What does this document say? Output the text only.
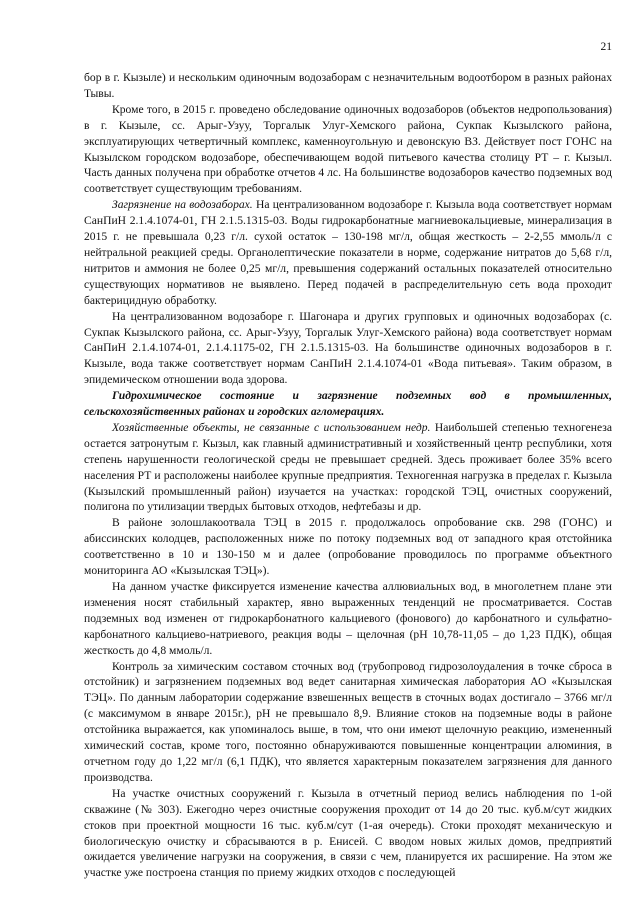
21

бор в г. Кызыле) и нескольким одиночным водозаборам с незначительным водоотбором в разных районах Тывы.

Кроме того, в 2015 г. проведено обследование одиночных водозаборов (объектов недропользования) в г. Кызыле, сс. Арыг-Узуу, Торгалык Улуг-Хемского района, Сукпак Кызылского района, эксплуатирующих четвертичный комплекс, каменноугольную и девонскую ВЗ. Действует пост ГОНС на Кызылском городском водозаборе, обеспечивающем водой питьевого качества столицу РТ – г. Кызыл. Часть данных получена при обработке отчетов 4 лс. На большинстве водозаборов качество подземных вод соответствует существующим требованиям.

Загрязнение на водозаборах. На централизованном водозаборе г. Кызыла вода соответствует нормам СанПиН 2.1.4.1074-01, ГН 2.1.5.1315-03. Воды гидрокарбонатные магниевокальциевые, минерализация в 2015 г. не превышала 0,23 г/л. сухой остаток – 130-198 мг/л, общая жесткость – 2-2,55 ммоль/л с нейтральной реакцией среды. Органолептические показатели в норме, содержание нитратов до 5,68 г/л, нитритов и аммония не более 0,25 мг/л, превышения содержаний остальных показателей относительно существующих нормативов не выявлено. Перед подачей в распределительную сеть вода проходит бактерицидную обработку.

На централизованном водозаборе г. Шагонара и других групповых и одиночных водозаборах (с. Сукпак Кызылского района, сс. Арыг-Узуу, Торгалык Улуг-Хемского района) вода соответствует нормам СанПиН 2.1.4.1074-01, 2.1.4.1175-02, ГН 2.1.5.1315-03. На большинстве одиночных водозаборов в г. Кызыле, вода также соответствует нормам СанПиН 2.1.4.1074-01 «Вода питьевая». Таким образом, в эпидемическом отношении вода здорова.

Гидрохимическое состояние и загрязнение подземных вод в промышленных, сельскохозяйственных районах и городских агломерациях.

Хозяйственные объекты, не связанные с использованием недр. Наибольшей степенью техногенеза остается затронутым г. Кызыл, как главный административный и хозяйственный центр республики, хотя степень нарушенности геологической среды не превышает средней. Здесь проживает более 35% всего населения РТ и расположены наиболее крупные предприятия. Техногенная нагрузка в пределах г. Кызыла (Кызылский промышленный район) изучается на участках: городской ТЭЦ, очистных сооружений, полигона по утилизации твердых бытовых отходов, нефтебазы и др.

В районе золошлакоотвала ТЭЦ в 2015 г. продолжалось опробование скв. 298 (ГОНС) и абиссинских колодцев, расположенных ниже по потоку подземных вод от западного края отстойника соответственно в 10 и 130-150 м и далее (опробование проводилось по программе объектного мониторинга АО «Кызылская ТЭЦ»).

На данном участке фиксируется изменение качества аллювиальных вод, в многолетнем плане эти изменения носят стабильный характер, явно выраженных тенденций не просматривается. Состав подземных вод изменен от гидрокарбонатного кальциевого (фонового) до карбонатного и сульфатно-карбонатного кальциево-натриевого, реакция воды – щелочная (рН 10,78-11,05 – до 1,23 ПДК), общая жесткость до 4,8 ммоль/л.

Контроль за химическим составом сточных вод (трубопровод гидрозолоудаления в точке сброса в отстойник) и загрязнением подземных вод ведет санитарная химическая лаборатория АО «Кызылская ТЭЦ». По данным лаборатории содержание взвешенных веществ в сточных водах достигало – 3766 мг/л (с максимумом в январе 2015г.), рН не превышало 8,9. Влияние стоков на подземные воды в районе отстойника выражается, как упоминалось выше, в том, что они имеют щелочную реакцию, измененный химический состав, кроме того, постоянно обнаруживаются повышенные концентрации алюминия, в отчетном году до 1,22 мг/л (6,1 ПДК), что является характерным показателем загрязнения для данного производства.

На участке очистных сооружений г. Кызыла в отчетный период велись наблюдения по 1-ой скважине (№ 303). Ежегодно через очистные сооружения проходит от 14 до 20 тыс. куб.м/сут жидких стоков при проектной мощности 16 тыс. куб.м/сут (1-ая очередь). Стоки проходят механическую и биологическую очистку и сбрасываются в р. Енисей. С вводом новых жилых домов, предприятий ожидается увеличение нагрузки на сооружения, в связи с чем, планируется их расширение. На этом же участке уже построена станция по приему жидких отходов с последующей
